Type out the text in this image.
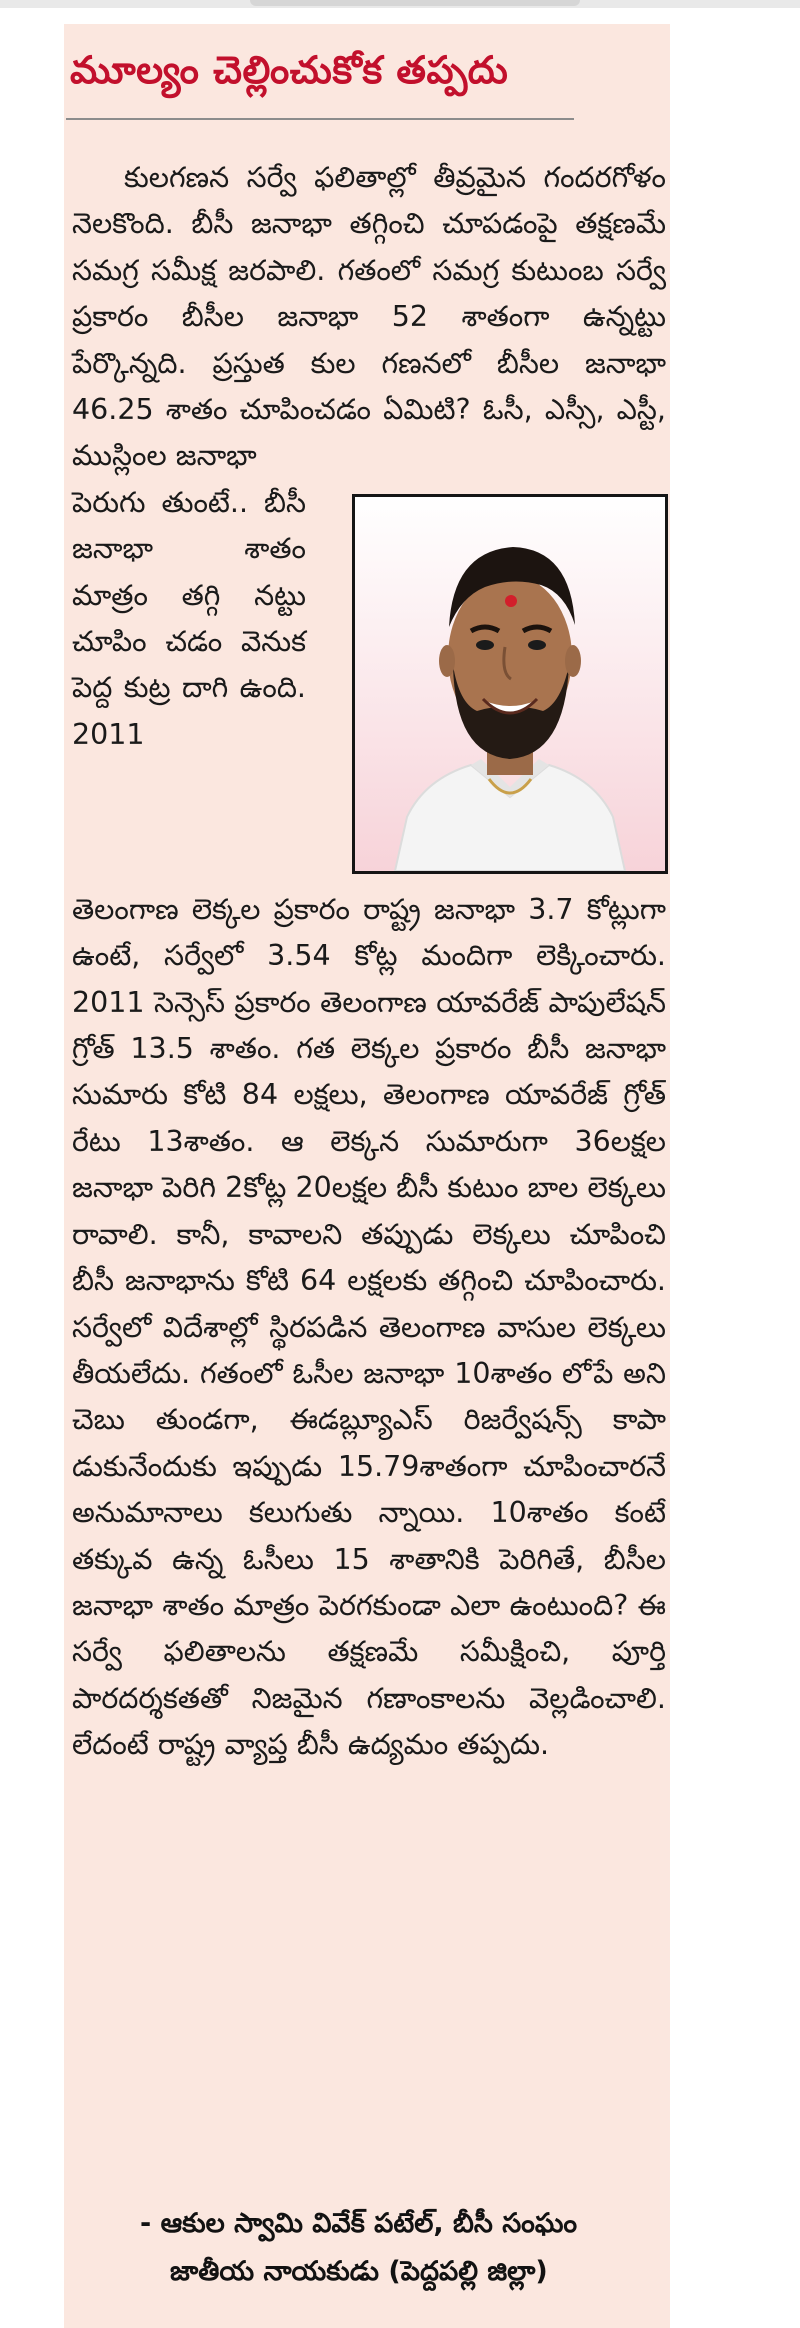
మూల్యం చెల్లించుకోక తప్పదు

కులగణన సర్వే ఫలితాల్లో తీవ్రమైన గందరగోళం నెలకొంది. బీసీ జనాభా తగ్గించి చూపడంపై తక్షణమే సమగ్ర సమీక్ష జరపాలి. గతంలో సమగ్ర కుటుంబ సర్వే ప్రకారం బీసీల జనాభా 52 శాతంగా ఉన్నట్టు పేర్కొన్నది. ప్రస్తుత కుల గణనలో బీసీల జనాభా 46.25 శాతం చూపించడం ఏమిటి? ఓసీ, ఎస్సీ, ఎస్టీ, ముస్లింల జనాభా

పెరుగు తుంటే.. బీసీ జనాభా శాతం మాత్రం తగ్గి నట్టు చూపిం చడం వెనుక పెద్ద కుట్ర దాగి ఉంది. 2011

తెలంగాణ లెక్కల ప్రకారం రాష్ట్ర జనాభా 3.7 కోట్లుగా ఉంటే, సర్వేలో 3.54 కోట్ల మందిగా లెక్కించారు. 2011 సెన్సెస్ ప్రకారం తెలంగాణ యావరేజ్ పాపులేషన్ గ్రోత్ 13.5 శాతం. గత లెక్కల ప్రకారం బీసీ జనాభా సుమారు కోటి 84 లక్షలు, తెలంగాణ యావరేజ్ గ్రోత్ రేటు 13శాతం. ఆ లెక్కన సుమారుగా 36లక్షల జనాభా పెరిగి 2కోట్ల 20లక్షల బీసీ కుటుం బాల లెక్కలు రావాలి. కానీ, కావాలని తప్పుడు లెక్కలు చూపించి బీసీ జనాభాను కోటి 64 లక్షలకు తగ్గించి చూపించారు. సర్వేలో విదేశాల్లో స్థిరపడిన తెలంగాణ వాసుల లెక్కలు తీయలేదు. గతంలో ఓసీల జనాభా 10శాతం లోపే అని చెబు తుండగా, ఈడబ్ల్యూఎస్ రిజర్వేషన్స్ కాపా డుకునేందుకు ఇప్పుడు 15.79శాతంగా చూపించారనే అనుమానాలు కలుగుతు న్నాయి. 10శాతం కంటే తక్కువ ఉన్న ఓసీలు 15 శాతానికి పెరిగితే, బీసీల జనాభా శాతం మాత్రం పెరగకుండా ఎలా ఉంటుంది? ఈ సర్వే ఫలితాలను తక్షణమే సమీక్షించి, పూర్తి పారదర్శకతతో నిజమైన గణాంకాలను వెల్లడించాలి. లేదంటే రాష్ట్ర వ్యాప్త బీసీ ఉద్యమం తప్పదు.

- ఆకుల స్వామి వివేక్ పటేల్, బీసీ సంఘం

జాతీయ నాయకుడు (పెద్దపల్లి జిల్లా)
